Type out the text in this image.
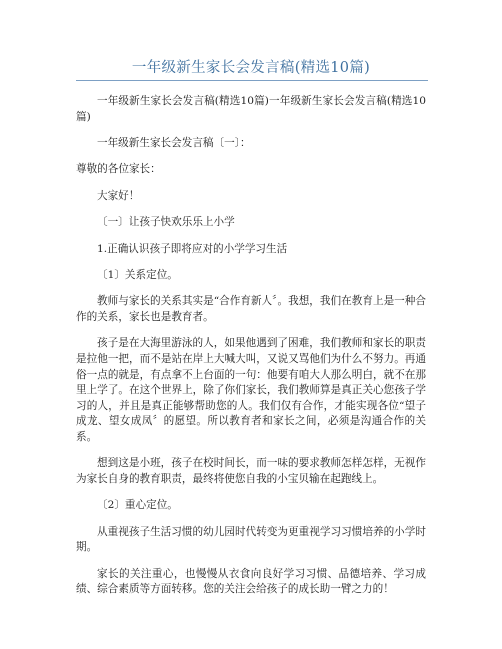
一年级新生家长会发言稿(精选10篇)

一年级新生家长会发言稿(精选10篇)一年级新生家长会发言稿(精选10篇)

一年级新生家长会发言稿〔一〕：

尊敬的各位家长：

大家好！

〔一〕让孩子快欢乐乐上小学

1.正确认识孩子即将应对的小学学习生活

〔1〕关系定位。

教师与家长的关系其实是“合作育新人〞。我想，我们在教育上是一种合作的关系，家长也是教育者。

孩子是在大海里游泳的人，如果他遇到了困难，我们教师和家长的职责是拉他一把，而不是站在岸上大喊大叫，又说又骂他们为什么不努力。再通俗一点的就是，有点拿不上台面的一句：他要有咱大人那么明白，就不在那里上学了。在这个世界上，除了你们家长，我们教师算是真正关心您孩子学习的人，并且是真正能够帮助您的人。我们仅有合作，才能实现各位“望子成龙、望女成凤〞的愿望。所以教育者和家长之间，必须是沟通合作的关系。

想到这是小班，孩子在校时间长，而一味的要求教师怎样怎样，无视作为家长自身的教育职责，最终将使您自我的小宝贝输在起跑线上。

〔2〕重心定位。

从重视孩子生活习惯的幼儿园时代转变为更重视学习习惯培养的小学时期。

家长的关注重心，也慢慢从衣食向良好学习习惯、品德培养、学习成绩、综合素质等方面转移。您的关注会给孩子的成长助一臂之力的！
